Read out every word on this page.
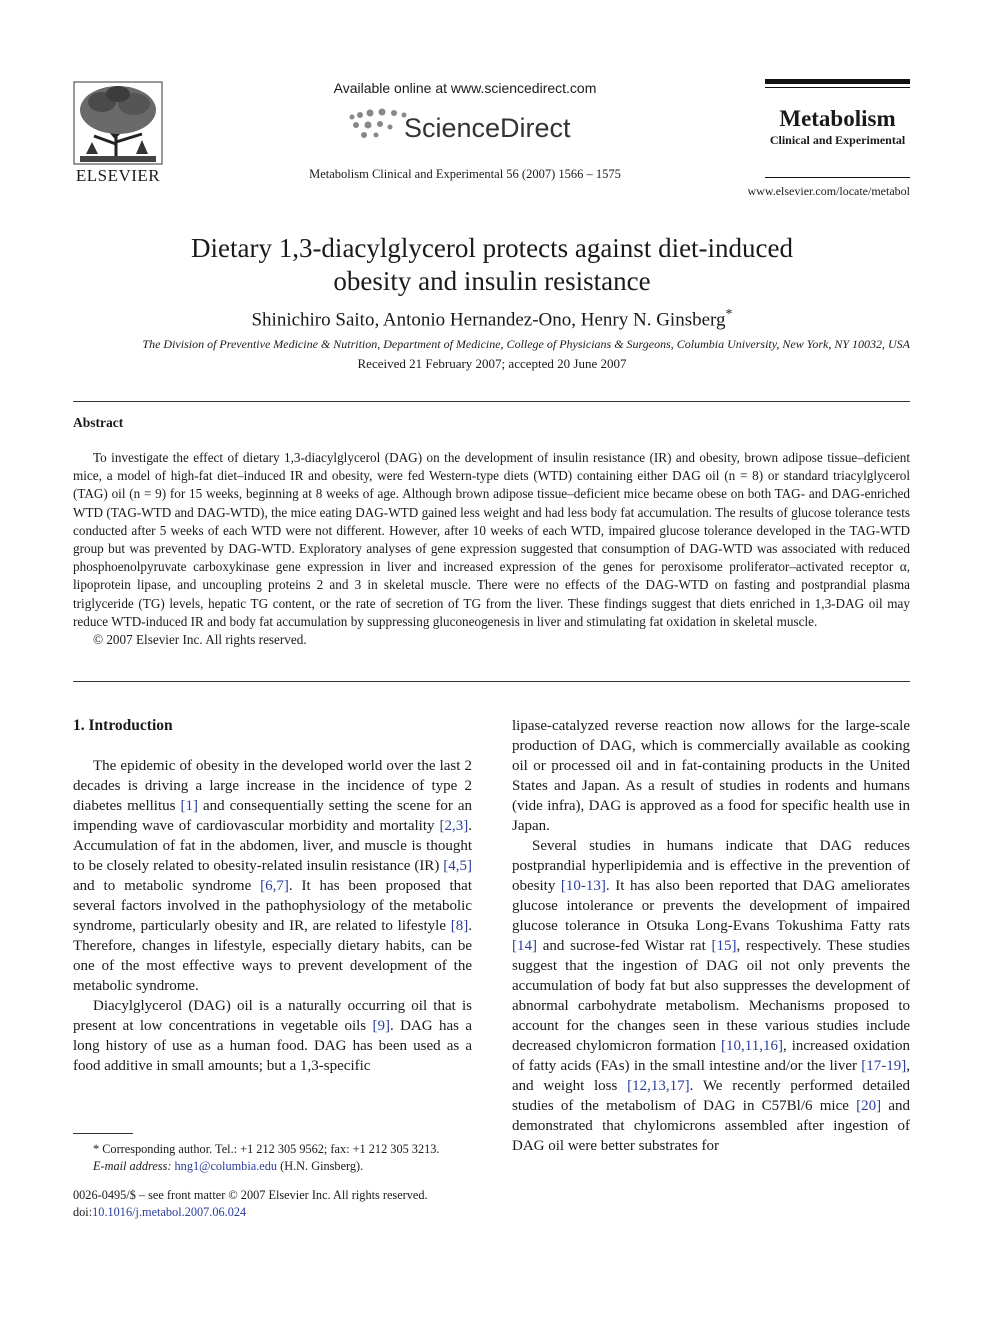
ELSEVIER
Available online at www.sciencedirect.com
ScienceDirect
Metabolism Clinical and Experimental 56 (2007) 1566 – 1575
Metabolism
Clinical and Experimental
www.elsevier.com/locate/metabol
Dietary 1,3-diacylglycerol protects against diet-induced
obesity and insulin resistance
Shinichiro Saito, Antonio Hernandez-Ono, Henry N. Ginsberg*
The Division of Preventive Medicine & Nutrition, Department of Medicine, College of Physicians & Surgeons, Columbia University, New York, NY 10032, USA
Received 21 February 2007; accepted 20 June 2007
Abstract

To investigate the effect of dietary 1,3-diacylglycerol (DAG) on the development of insulin resistance (IR) and obesity, brown adipose tissue–deficient mice, a model of high-fat diet–induced IR and obesity, were fed Western-type diets (WTD) containing either DAG oil (n = 8) or standard triacylglycerol (TAG) oil (n = 9) for 15 weeks, beginning at 8 weeks of age. Although brown adipose tissue–deficient mice became obese on both TAG- and DAG-enriched WTD (TAG-WTD and DAG-WTD), the mice eating DAG-WTD gained less weight and had less body fat accumulation. The results of glucose tolerance tests conducted after 5 weeks of each WTD were not different. However, after 10 weeks of each WTD, impaired glucose tolerance developed in the TAG-WTD group but was prevented by DAG-WTD. Exploratory analyses of gene expression suggested that consumption of DAG-WTD was associated with reduced phosphoenolpyruvate carboxykinase gene expression in liver and increased expression of the genes for peroxisome proliferator–activated receptor α, lipoprotein lipase, and uncoupling proteins 2 and 3 in skeletal muscle. There were no effects of the DAG-WTD on fasting and postprandial plasma triglyceride (TG) levels, hepatic TG content, or the rate of secretion of TG from the liver. These findings suggest that diets enriched in 1,3-DAG oil may reduce WTD-induced IR and body fat accumulation by suppressing gluconeogenesis in liver and stimulating fat oxidation in skeletal muscle.

© 2007 Elsevier Inc. All rights reserved.

1. Introduction

The epidemic of obesity in the developed world over the last 2 decades is driving a large increase in the incidence of type 2 diabetes mellitus [1] and consequentially setting the scene for an impending wave of cardiovascular morbidity and mortality [2,3]. Accumulation of fat in the abdomen, liver, and muscle is thought to be closely related to obesity-related insulin resistance (IR) [4,5] and to metabolic syndrome [6,7]. It has been proposed that several factors involved in the pathophysiology of the metabolic syndrome, particularly obesity and IR, are related to lifestyle [8]. Therefore, changes in lifestyle, especially dietary habits, can be one of the most effective ways to prevent development of the metabolic syndrome.

Diacylglycerol (DAG) oil is a naturally occurring oil that is present at low concentrations in vegetable oils [9]. DAG has a long history of use as a human food. DAG has been used as a food additive in small amounts; but a 1,3-specific

* Corresponding author. Tel.: +1 212 305 9562; fax: +1 212 305 3213.
E-mail address: hng1@columbia.edu (H.N. Ginsberg).
0026-0495/$ – see front matter © 2007 Elsevier Inc. All rights reserved.
doi:10.1016/j.metabol.2007.06.024

lipase-catalyzed reverse reaction now allows for the large-scale production of DAG, which is commercially available as cooking oil or processed oil and in fat-containing products in the United States and Japan. As a result of studies in rodents and humans (vide infra), DAG is approved as a food for specific health use in Japan.

Several studies in humans indicate that DAG reduces postprandial hyperlipidemia and is effective in the prevention of obesity [10-13]. It has also been reported that DAG ameliorates glucose intolerance or prevents the development of impaired glucose tolerance in Otsuka Long-Evans Tokushima Fatty rats [14] and sucrose-fed Wistar rat [15], respectively. These studies suggest that the ingestion of DAG oil not only prevents the accumulation of body fat but also suppresses the development of abnormal carbohydrate metabolism. Mechanisms proposed to account for the changes seen in these various studies include decreased chylomicron formation [10,11,16], increased oxidation of fatty acids (FAs) in the small intestine and/or the liver [17-19], and weight loss [12,13,17]. We recently performed detailed studies of the metabolism of DAG in C57Bl/6 mice [20] and demonstrated that chylomicrons assembled after ingestion of DAG oil were better substrates for
